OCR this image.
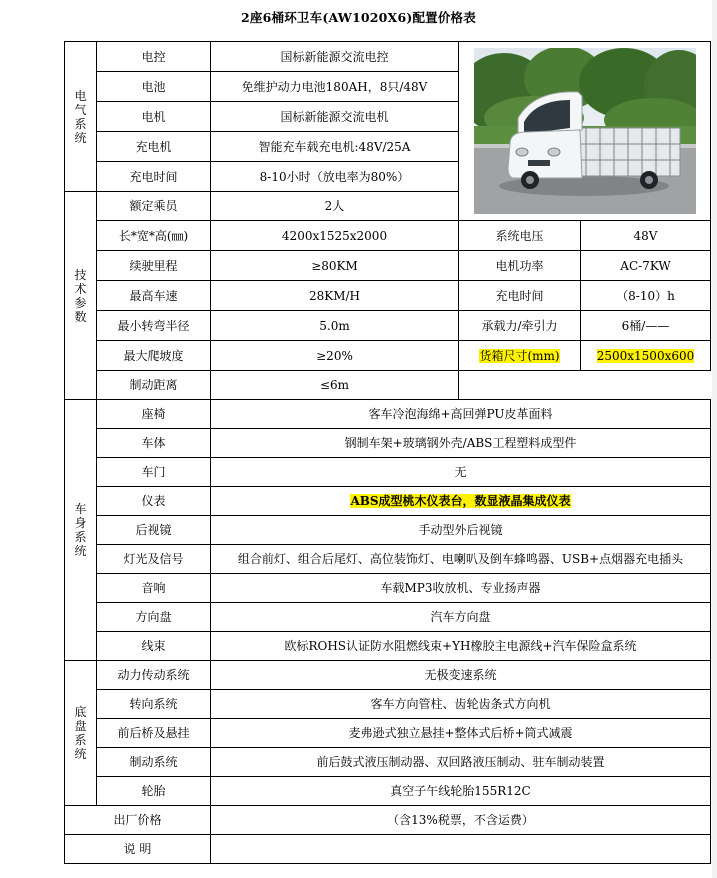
2座6桶环卫车(AW1020X6)配置价格表
电
气
系
统	电控	国标新能源交流电控	

	电池	免维护动力电池180AH，8只/48V		
	电机	国标新能源交流电机		
	充电机	智能充车载充电机:48V/25A		
	充电时间	8-10小时（放电率为80%）		

技
术
参
数	额定乘员	2人		
	长*宽*高(㎜)	4200x1525x2000	系统电压	48V
	续驶里程	≥80KM	电机功率	AC-7KW
	最高车速	28KM/H	充电时间	（8-10）h
	最小转弯半径	5.0m	承载力/牵引力	6桶/——
	最大爬坡度	≥20%	货箱尺寸(mm)	2500x1500x600
	制动距离	≤6m		

车
身
系
统	座椅	客车冷泡海绵+高回弹PU皮革面料		
	车体	钢制车架+玻璃钢外壳/ABS工程塑料成型件		
	车门	无		
	仪表	ABS成型桃木仪表台，数显液晶集成仪表		
	后视镜	手动型外后视镜		
	灯光及信号	组合前灯、组合后尾灯、高位装饰灯、电喇叭及倒车蜂鸣器、USB+点烟器充电插头		
	音响	车载MP3收放机、专业扬声器		
	方向盘	汽车方向盘		
	线束	欧标ROHS认证防水阻燃线束+YH橡胶主电源线+汽车保险盒系统		

底
盘
系
统	动力传动系统	无极变速系统		
	转向系统	客车方向管柱、齿轮齿条式方向机		
	前后桥及悬挂	麦弗逊式独立悬挂+整体式后桥+筒式减震		
	制动系统	前后鼓式液压制动器、双回路液压制动、驻车制动装置		
	轮胎	真空子午线轮胎155R12C		
出厂价格		（含13%税票，不含运费）		
说 明				
